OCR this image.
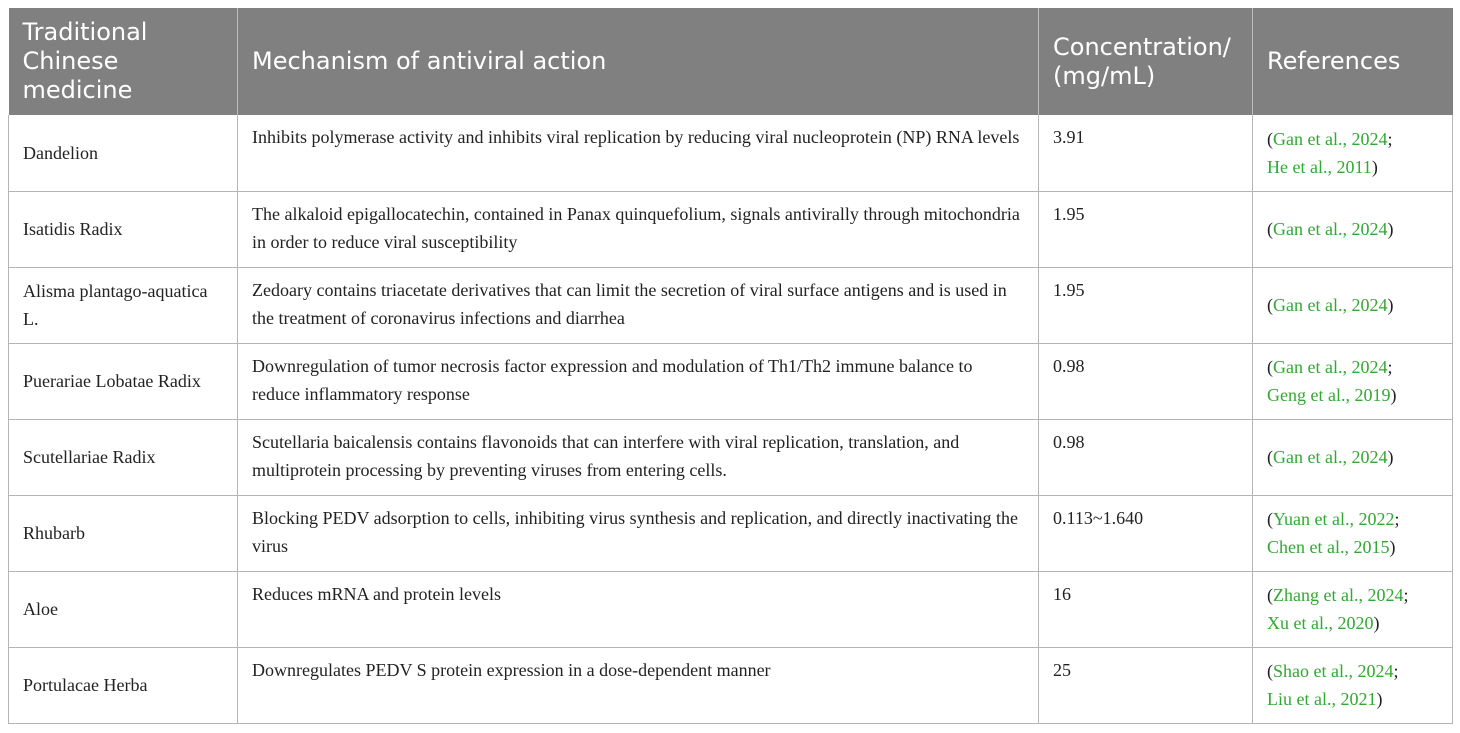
Traditional Chinese medicine	Mechanism of antiviral action	Concentration/ (mg/mL)	References
Dandelion	Inhibits polymerase activity and inhibits viral replication by reducing viral nucleoprotein (NP) RNA levels	3.91	(Gan et al., 2024;
He et al., 2011)
Isatidis Radix	The alkaloid epigallocatechin, contained in Panax quinquefolium, signals antivirally through mitochondria in order to reduce viral susceptibility	1.95	(Gan et al., 2024)
Alisma plantago-aquatica L.	Zedoary contains triacetate derivatives that can limit the secretion of viral surface antigens and is used in the treatment of coronavirus infections and diarrhea	1.95	(Gan et al., 2024)
Puerariae Lobatae Radix	Downregulation of tumor necrosis factor expression and modulation of Th1/Th2 immune balance to reduce inflammatory response	0.98	(Gan et al., 2024;
Geng et al., 2019)
Scutellariae Radix	Scutellaria baicalensis contains flavonoids that can interfere with viral replication, translation, and multiprotein processing by preventing viruses from entering cells.	0.98	(Gan et al., 2024)
Rhubarb	Blocking PEDV adsorption to cells, inhibiting virus synthesis and replication, and directly inactivating the virus	0.113~1.640	(Yuan et al., 2022;
Chen et al., 2015)
Aloe	Reduces mRNA and protein levels	16	(Zhang et al., 2024;
Xu et al., 2020)
Portulacae Herba	Downregulates PEDV S protein expression in a dose-dependent manner	25	(Shao et al., 2024;
Liu et al., 2021)
